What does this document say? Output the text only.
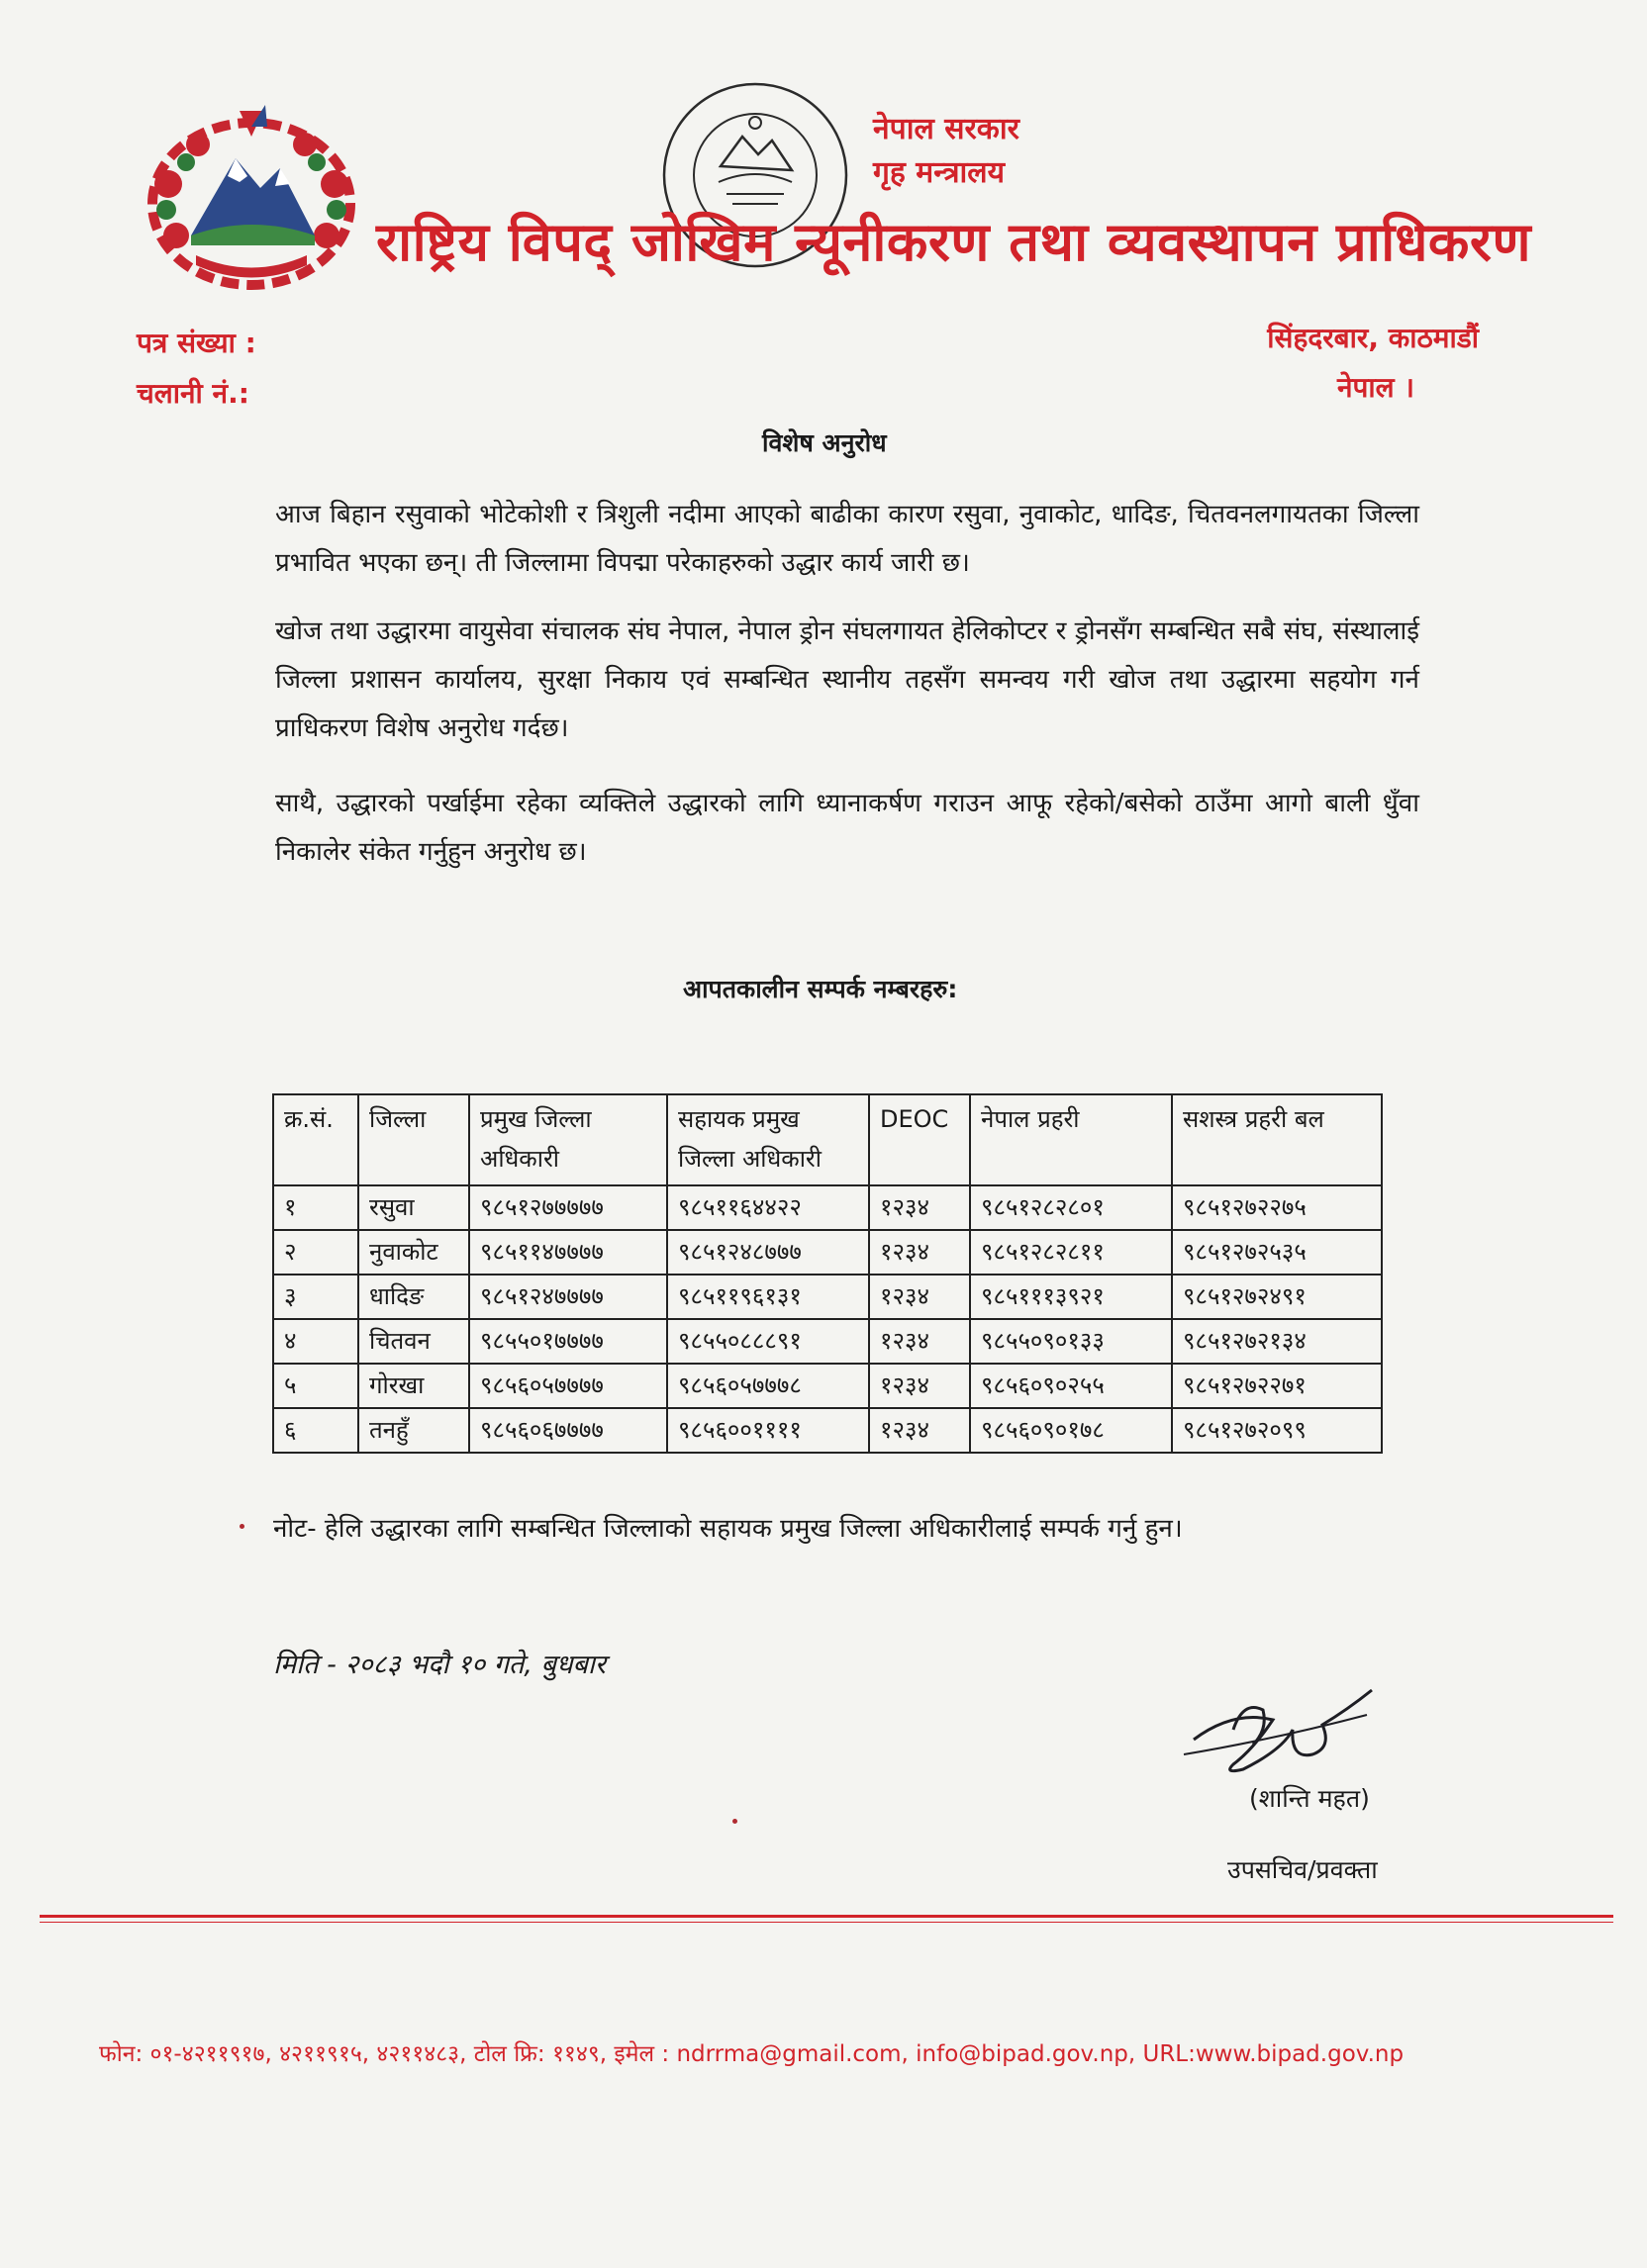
नेपाल सरकार
गृह मन्त्रालय
राष्ट्रिय विपद् जोखिम न्यूनीकरण तथा व्यवस्थापन प्राधिकरण
पत्र संख्या :
चलानी नं.:
सिंहदरबार, काठमाडौं
नेपाल ।
विशेष अनुरोध
आज बिहान रसुवाको भोटेकोशी र त्रिशुली नदीमा आएको बाढीका कारण रसुवा, नुवाकोट, धादिङ, चितवनलगायतका जिल्ला प्रभावित भएका छन्। ती जिल्लामा विपद्मा परेकाहरुको उद्धार कार्य जारी छ।
खोज तथा उद्धारमा वायुसेवा संचालक संघ नेपाल, नेपाल ड्रोन संघलगायत हेलिकोप्टर र ड्रोनसँग सम्बन्धित सबै संघ, संस्थालाई जिल्ला प्रशासन कार्यालय, सुरक्षा निकाय एवं सम्बन्धित स्थानीय तहसँग समन्वय गरी खोज तथा उद्धारमा सहयोग गर्न प्राधिकरण विशेष अनुरोध गर्दछ।
साथै, उद्धारको पर्खाईमा रहेका व्यक्तिले उद्धारको लागि ध्यानाकर्षण गराउन आफू रहेको/बसेको ठाउँमा आगो बाली धुँवा निकालेर संकेत गर्नुहुन अनुरोध छ।
आपतकालीन सम्पर्क नम्बरहरु:
क्र.सं.	जिल्ला	प्रमुख जिल्ला अधिकारी	सहायक प्रमुख जिल्ला अधिकारी	DEOC	नेपाल प्रहरी	सशस्त्र प्रहरी बल
१	रसुवा	९८५१२७७७७७	९८५११६४४२२	१२३४	९८५१२८२८०१	९८५१२७२२७५
२	नुवाकोट	९८५११४७७७७	९८५१२४८७७७	१२३४	९८५१२८२८११	९८५१२७२५३५
३	धादिङ	९८५१२४७७७७	९८५११९६१३१	१२३४	९८५१११३९२१	९८५१२७२४९१
४	चितवन	९८५५०१७७७७	९८५५०८८८९१	१२३४	९८५५०९०१३३	९८५१२७२१३४
५	गोरखा	९८५६०५७७७७	९८५६०५७७७८	१२३४	९८५६०९०२५५	९८५१२७२२७१
६	तनहुँ	९८५६०६७७७७	९८५६००११११	१२३४	९८५६०९०१७८	९८५१२७२०९९
नोट- हेलि उद्धारका लागि सम्बन्धित जिल्लाको सहायक प्रमुख जिल्ला अधिकारीलाई सम्पर्क गर्नु हुन।
मिति - २०८३ भदौ १० गते, बुधबार
(शान्ति महत)
उपसचिव/प्रवक्ता
फोन: ०१-४२११९१७, ४२११९१५, ४२११४८३, टोल फ्रि: ११४९, इमेल : ndrrma@gmail.com, info@bipad.gov.np, URL:www.bipad.gov.np
